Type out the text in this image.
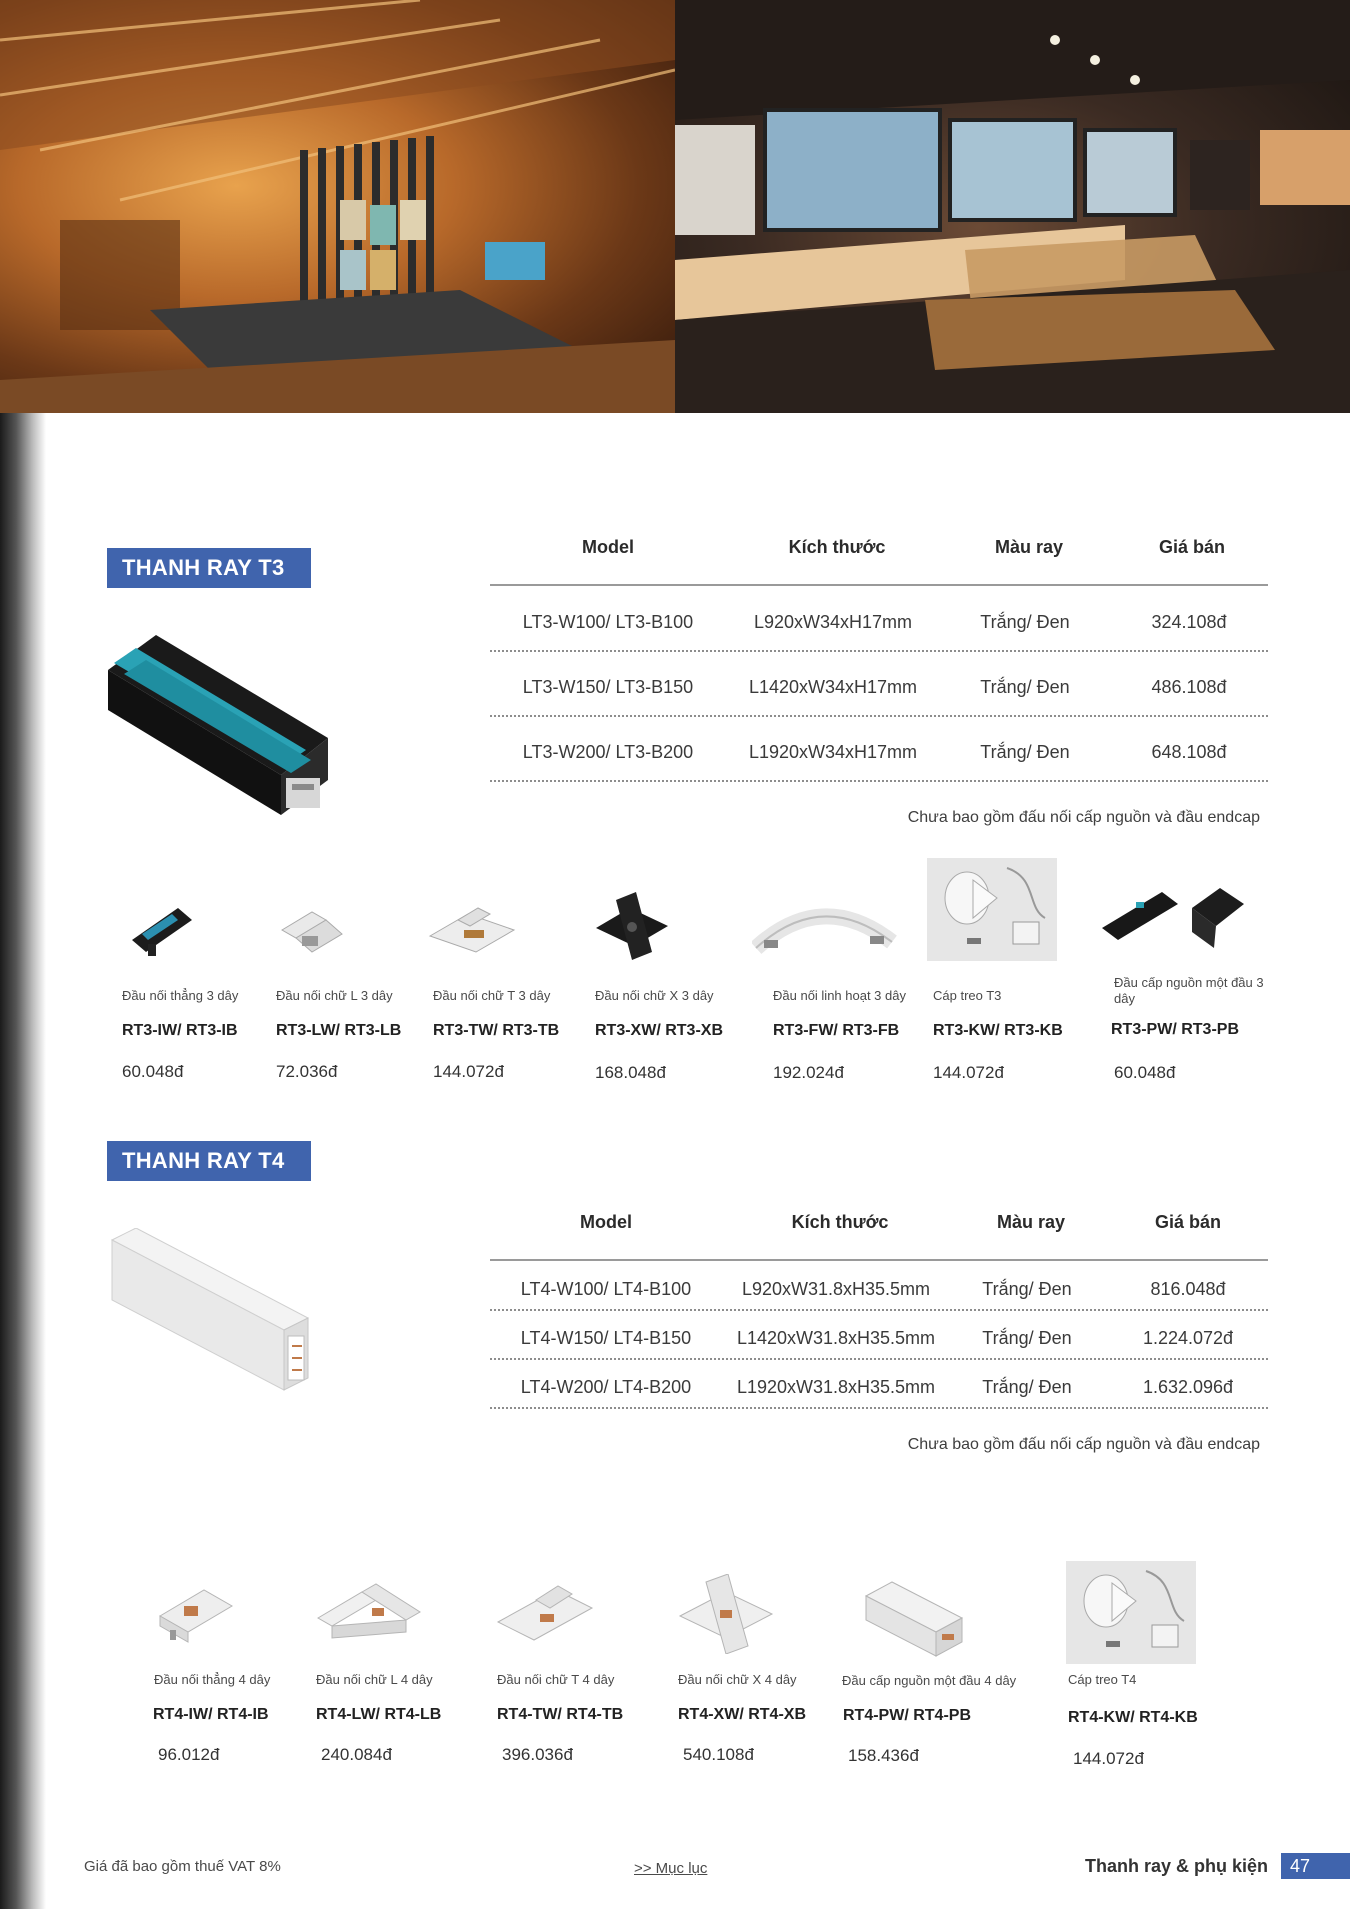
THANH RAY T3
Model	Kích thước	Màu ray	Giá bán
LT3-W100/ LT3-B100	L920xW34xH17mm	Trắng/ Đen	324.108đ
LT3-W150/ LT3-B150	L1420xW34xH17mm	Trắng/ Đen	486.108đ
LT3-W200/ LT3-B200	L1920xW34xH17mm	Trắng/ Đen	648.108đ
Chưa bao gồm đấu nối cấp nguồn và đầu endcap
Đầu nối thẳng 3 dây
RT3-IW/ RT3-IB
60.048đ
Đầu nối chữ L 3 dây
RT3-LW/ RT3-LB
72.036đ
Đầu nối chữ T 3 dây
RT3-TW/ RT3-TB
144.072đ
Đầu nối chữ X 3 dây
RT3-XW/ RT3-XB
168.048đ
Đầu nối linh hoạt 3 dây
RT3-FW/ RT3-FB
192.024đ
Cáp treo T3
RT3-KW/ RT3-KB
144.072đ
Đầu cấp nguồn một đầu 3 dây
RT3-PW/ RT3-PB
60.048đ
THANH RAY T4
Model	Kích thước	Màu ray	Giá bán
LT4-W100/ LT4-B100	L920xW31.8xH35.5mm	Trắng/ Đen	816.048đ
LT4-W150/ LT4-B150	L1420xW31.8xH35.5mm	Trắng/ Đen	1.224.072đ
LT4-W200/ LT4-B200	L1920xW31.8xH35.5mm	Trắng/ Đen	1.632.096đ
Chưa bao gồm đấu nối cấp nguồn và đầu endcap
Đầu nối thẳng 4 dây
RT4-IW/ RT4-IB
96.012đ
Đầu nối chữ L 4 dây
RT4-LW/ RT4-LB
240.084đ
Đầu nối chữ T 4 dây
RT4-TW/ RT4-TB
396.036đ
Đầu nối chữ X 4 dây
RT4-XW/ RT4-XB
540.108đ
Đầu cấp nguồn một đầu 4 dây
RT4-PW/ RT4-PB
158.436đ
Cáp treo T4
RT4-KW/ RT4-KB
144.072đ
Giá đã bao gồm thuế VAT 8%	>> Mục lục	Thanh ray & phụ kiện	47
